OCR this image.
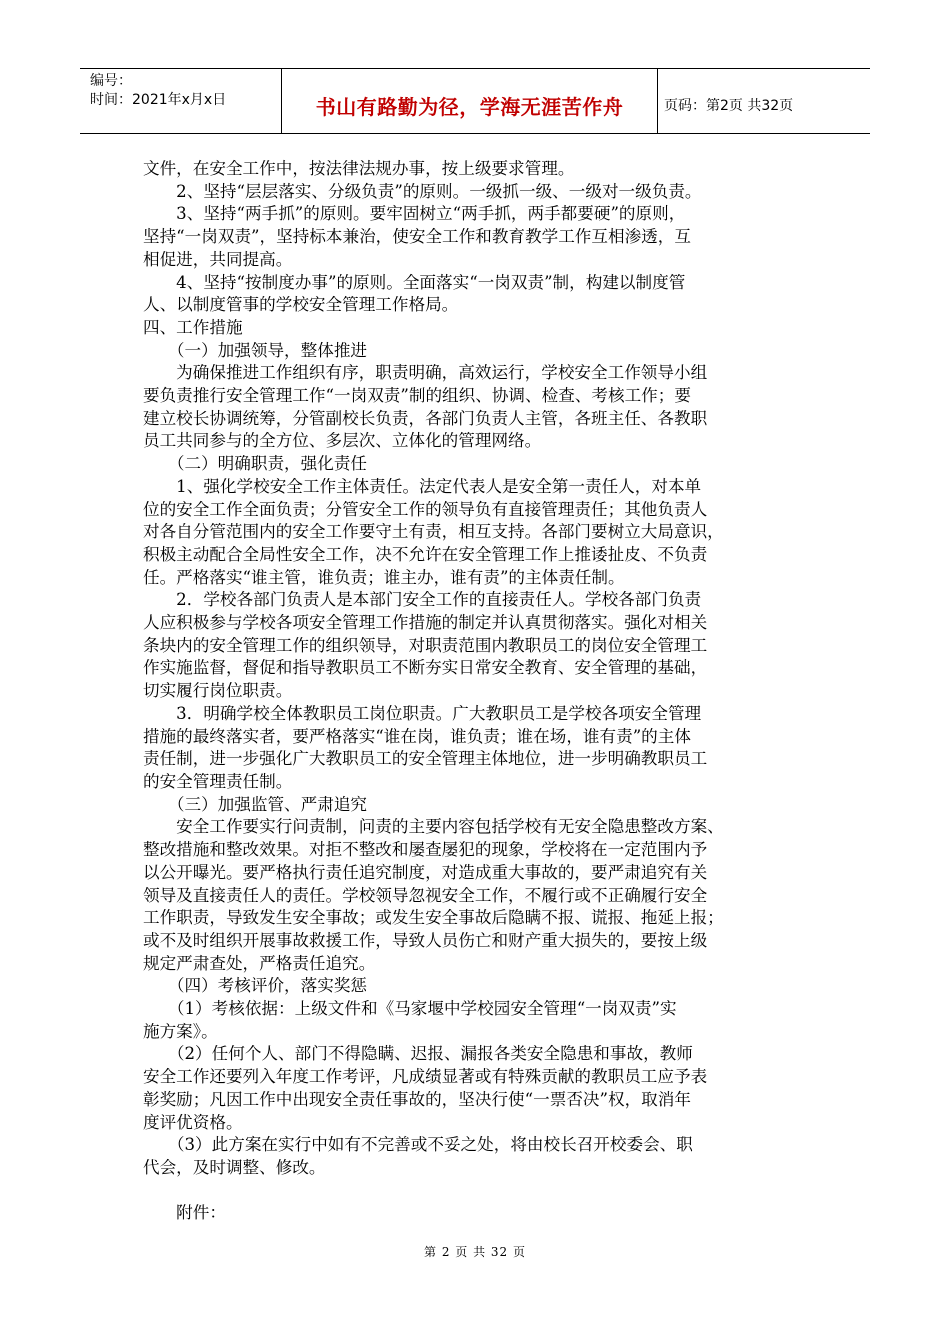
编号：
时间：2021年x月x日	书山有路勤为径，学海无涯苦作舟	页码：第2页 共32页

文件，在安全工作中，按法律法规办事，按上级要求管理。

　　2、坚持“层层落实、分级负责”的原则。一级抓一级、一级对一级负责。

　　3、坚持“两手抓”的原则。要牢固树立“两手抓，两手都要硬”的原则，

坚持“一岗双责”，坚持标本兼治，使安全工作和教育教学工作互相渗透，互

相促进，共同提高。

　　4、坚持“按制度办事”的原则。全面落实“一岗双责”制，构建以制度管

人、以制度管事的学校安全管理工作格局。

四、工作措施

　　（一）加强领导，整体推进

　　为确保推进工作组织有序，职责明确，高效运行，学校安全工作领导小组

要负责推行安全管理工作“一岗双责”制的组织、协调、检查、考核工作；要

建立校长协调统筹，分管副校长负责，各部门负责人主管，各班主任、各教职

员工共同参与的全方位、多层次、立体化的管理网络。

　　（二）明确职责，强化责任

　　1、强化学校安全工作主体责任。法定代表人是安全第一责任人，对本单

位的安全工作全面负责；分管安全工作的领导负有直接管理责任；其他负责人

对各自分管范围内的安全工作要守土有责，相互支持。各部门要树立大局意识，

积极主动配合全局性安全工作，决不允许在安全管理工作上推诿扯皮、不负责

任。严格落实“谁主管，谁负责；谁主办，谁有责”的主体责任制。

　　2．学校各部门负责人是本部门安全工作的直接责任人。学校各部门负责

人应积极参与学校各项安全管理工作措施的制定并认真贯彻落实。强化对相关

条块内的安全管理工作的组织领导，对职责范围内教职员工的岗位安全管理工

作实施监督，督促和指导教职员工不断夯实日常安全教育、安全管理的基础，

切实履行岗位职责。

　　3．明确学校全体教职员工岗位职责。广大教职员工是学校各项安全管理

措施的最终落实者，要严格落实“谁在岗，谁负责；谁在场，谁有责”的主体

责任制，进一步强化广大教职员工的安全管理主体地位，进一步明确教职员工

的安全管理责任制。

　　（三）加强监管、严肃追究

　　安全工作要实行问责制，问责的主要内容包括学校有无安全隐患整改方案、

整改措施和整改效果。对拒不整改和屡查屡犯的现象，学校将在一定范围内予

以公开曝光。要严格执行责任追究制度，对造成重大事故的，要严肃追究有关

领导及直接责任人的责任。学校领导忽视安全工作，不履行或不正确履行安全

工作职责，导致发生安全事故；或发生安全事故后隐瞒不报、谎报、拖延上报；

或不及时组织开展事故救援工作，导致人员伤亡和财产重大损失的，要按上级

规定严肃查处，严格责任追究。

　　（四）考核评价，落实奖惩

　　（1）考核依据：上级文件和《马家堰中学校园安全管理“一岗双责”实

施方案》。

　　（2）任何个人、部门不得隐瞒、迟报、漏报各类安全隐患和事故，教师

安全工作还要列入年度工作考评，凡成绩显著或有特殊贡献的教职员工应予表

彰奖励；凡因工作中出现安全责任事故的，坚决行使“一票否决”权，取消年

度评优资格。

　　（3）此方案在实行中如有不完善或不妥之处，将由校长召开校委会、职

代会，及时调整、修改。

　　附件：

第 2 页 共 32 页
